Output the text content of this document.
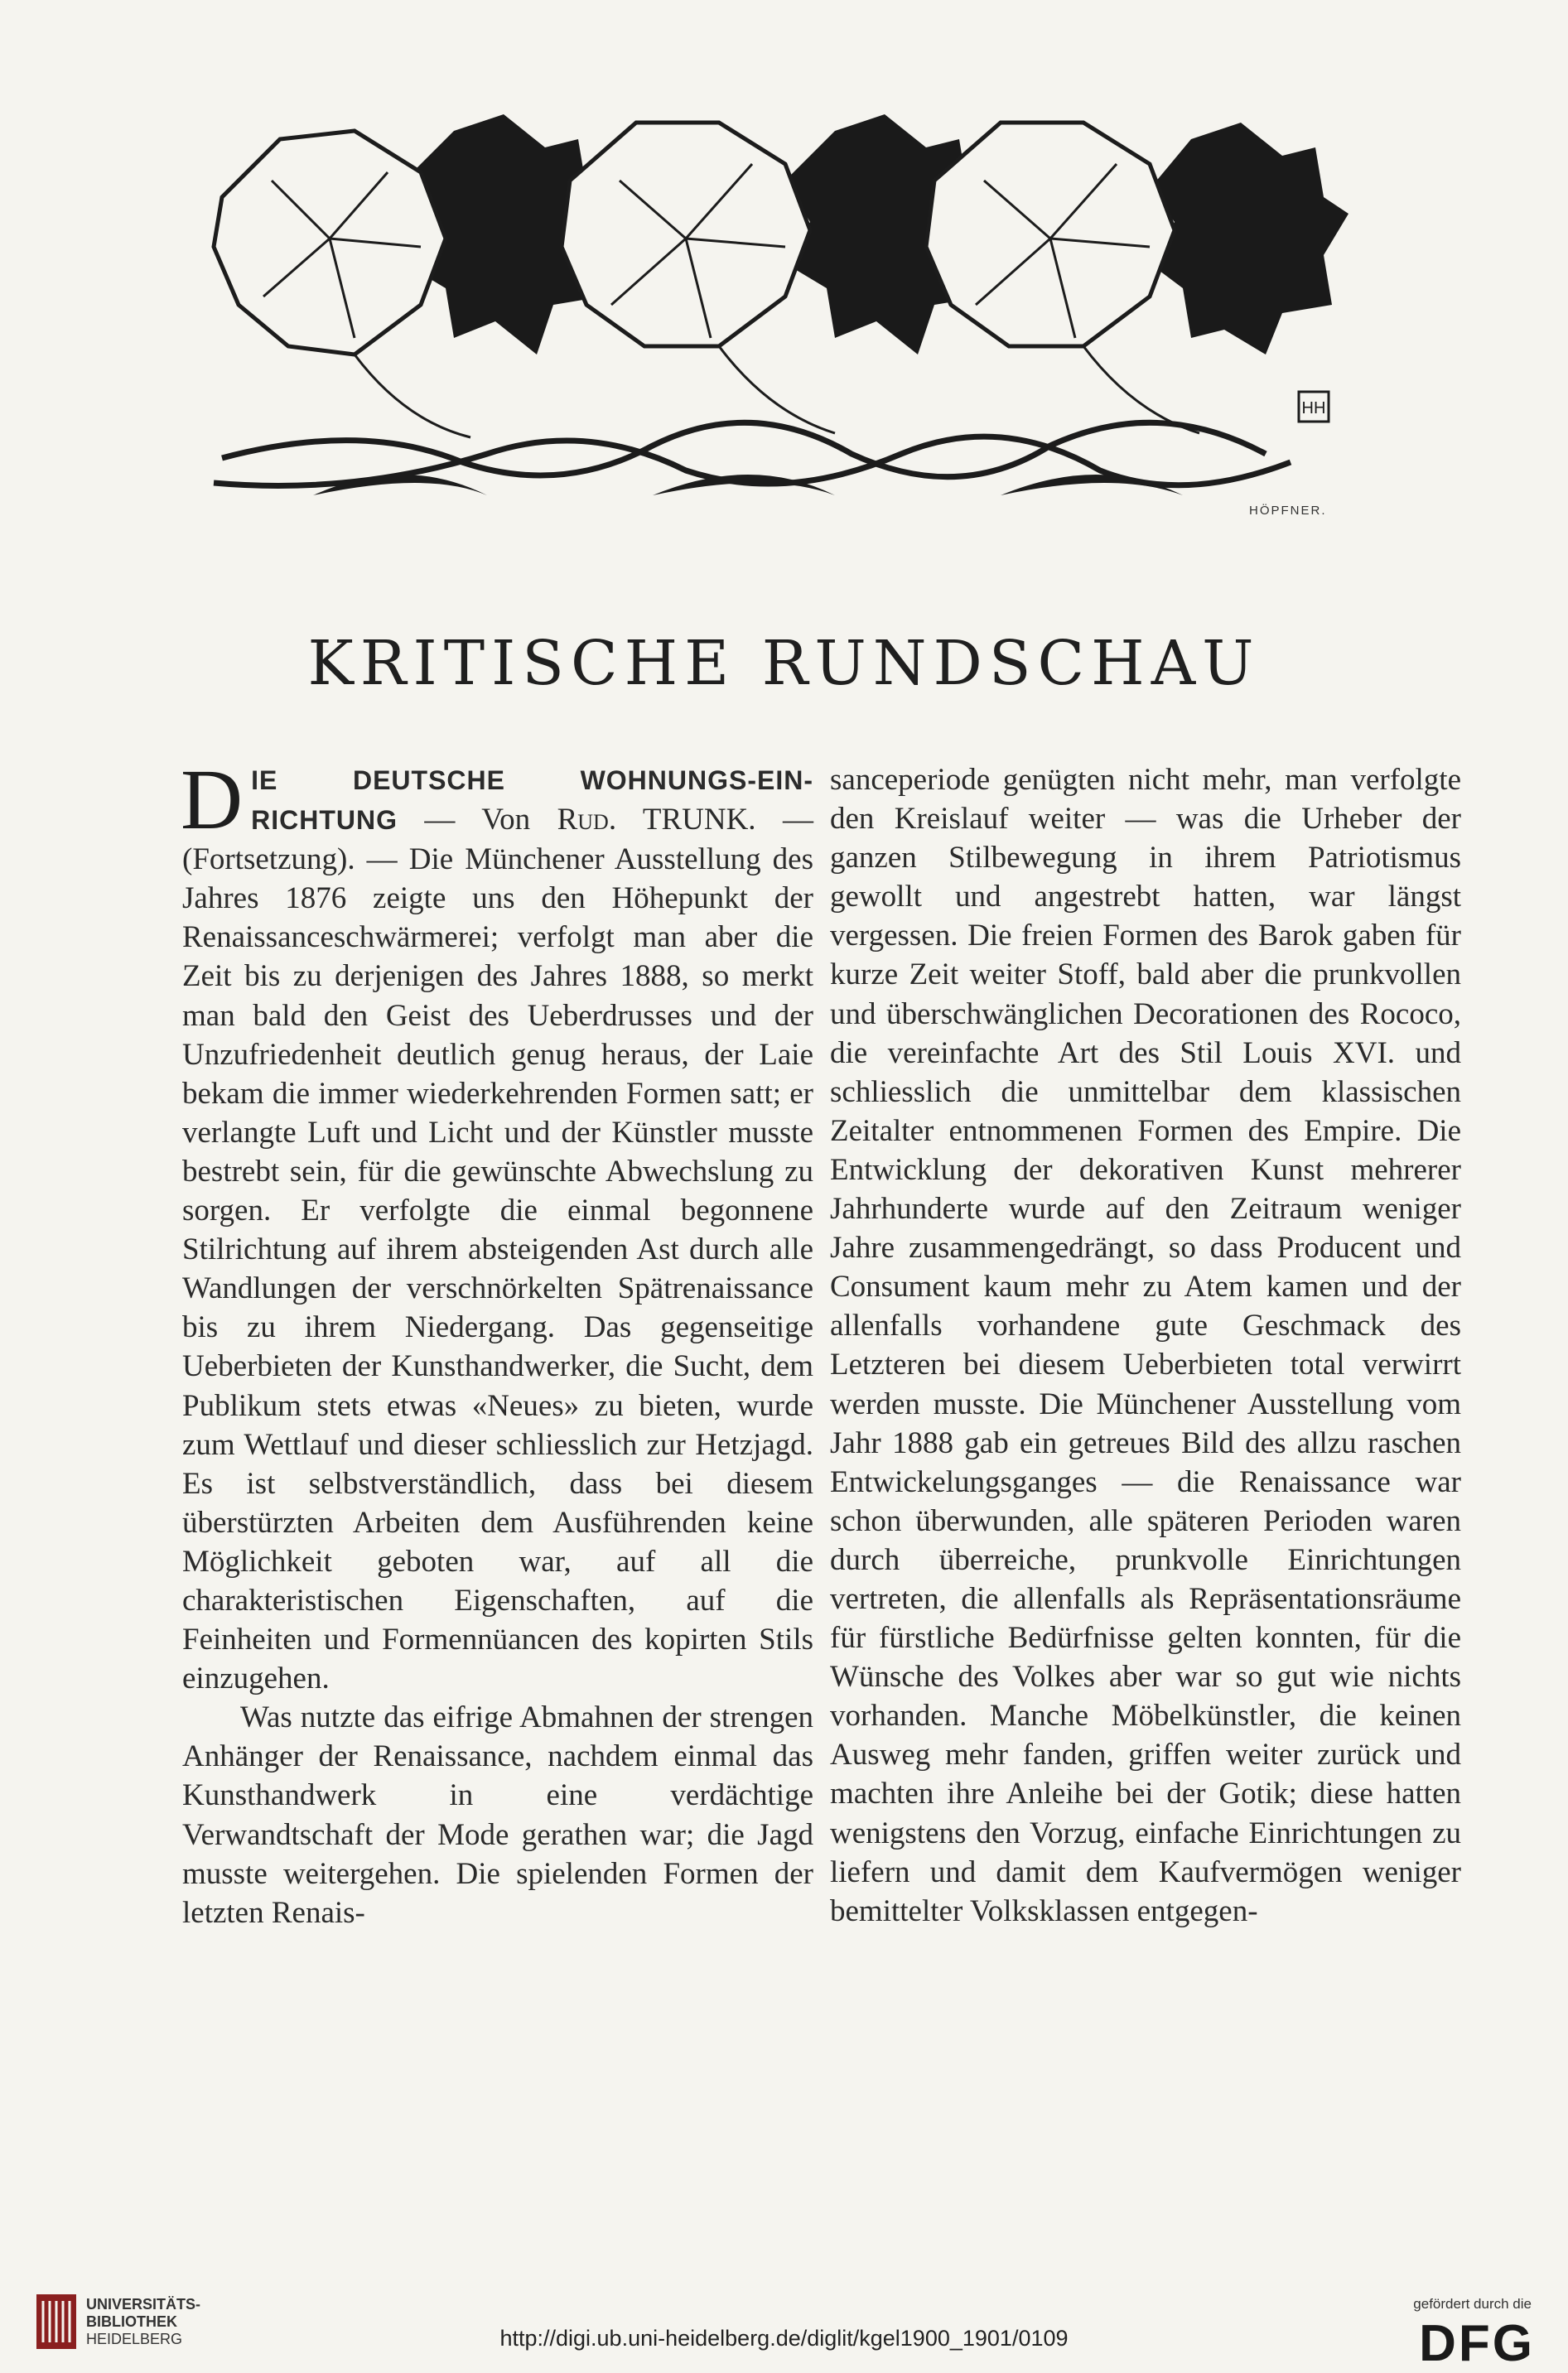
HH
HÖPFNER.
KRITISCHE RUNDSCHAU

DIE DEUTSCHE WOHNUNGS-EIN-RICHTUNG — Von Rud. TRUNK. — (Fortsetzung). — Die Münchener Ausstellung des Jahres 1876 zeigte uns den Höhepunkt der Renaissanceschwärmerei; verfolgt man aber die Zeit bis zu derjenigen des Jahres 1888, so merkt man bald den Geist des Ueberdrusses und der Unzufriedenheit deutlich genug heraus, der Laie bekam die immer wiederkehrenden Formen satt; er verlangte Luft und Licht und der Künstler musste bestrebt sein, für die gewünschte Abwechslung zu sorgen. Er verfolgte die einmal begonnene Stilrichtung auf ihrem absteigenden Ast durch alle Wandlungen der verschnörkelten Spätrenaissance bis zu ihrem Niedergang. Das gegenseitige Ueberbieten der Kunsthandwerker, die Sucht, dem Publikum stets etwas «Neues» zu bieten, wurde zum Wettlauf und dieser schliesslich zur Hetzjagd. Es ist selbstverständlich, dass bei diesem überstürzten Arbeiten dem Ausführenden keine Möglichkeit geboten war, auf all die charakteristischen Eigenschaften, auf die Feinheiten und Formennüancen des kopirten Stils einzugehen.

Was nutzte das eifrige Abmahnen der strengen Anhänger der Renaissance, nachdem einmal das Kunsthandwerk in eine verdächtige Verwandtschaft der Mode gerathen war; die Jagd musste weitergehen. Die spielenden Formen der letzten Renais-

sanceperiode genügten nicht mehr, man verfolgte den Kreislauf weiter — was die Urheber der ganzen Stilbewegung in ihrem Patriotismus gewollt und angestrebt hatten, war längst vergessen. Die freien Formen des Barok gaben für kurze Zeit weiter Stoff, bald aber die prunkvollen und überschwänglichen Decorationen des Rococo, die vereinfachte Art des Stil Louis XVI. und schliesslich die unmittelbar dem klassischen Zeitalter entnommenen Formen des Empire. Die Entwicklung der dekorativen Kunst mehrerer Jahrhunderte wurde auf den Zeitraum weniger Jahre zusammengedrängt, so dass Producent und Consument kaum mehr zu Atem kamen und der allenfalls vorhandene gute Geschmack des Letzteren bei diesem Ueberbieten total verwirrt werden musste. Die Münchener Ausstellung vom Jahr 1888 gab ein getreues Bild des allzu raschen Entwickelungsganges — die Renaissance war schon überwunden, alle späteren Perioden waren durch überreiche, prunkvolle Einrichtungen vertreten, die allenfalls als Repräsentationsräume für fürstliche Bedürfnisse gelten konnten, für die Wünsche des Volkes aber war so gut wie nichts vorhanden. Manche Möbelkünstler, die keinen Ausweg mehr fanden, griffen weiter zurück und machten ihre Anleihe bei der Gotik; diese hatten wenigstens den Vorzug, einfache Einrichtungen zu liefern und damit dem Kaufvermögen weniger bemittelter Volksklassen entgegen-

UNIVERSITÄTS-
BIBLIOTHEK
HEIDELBERG	http://digi.ub.uni-heidelberg.de/diglit/kgel1900_1901/0109
gefördert durch die
DFG
